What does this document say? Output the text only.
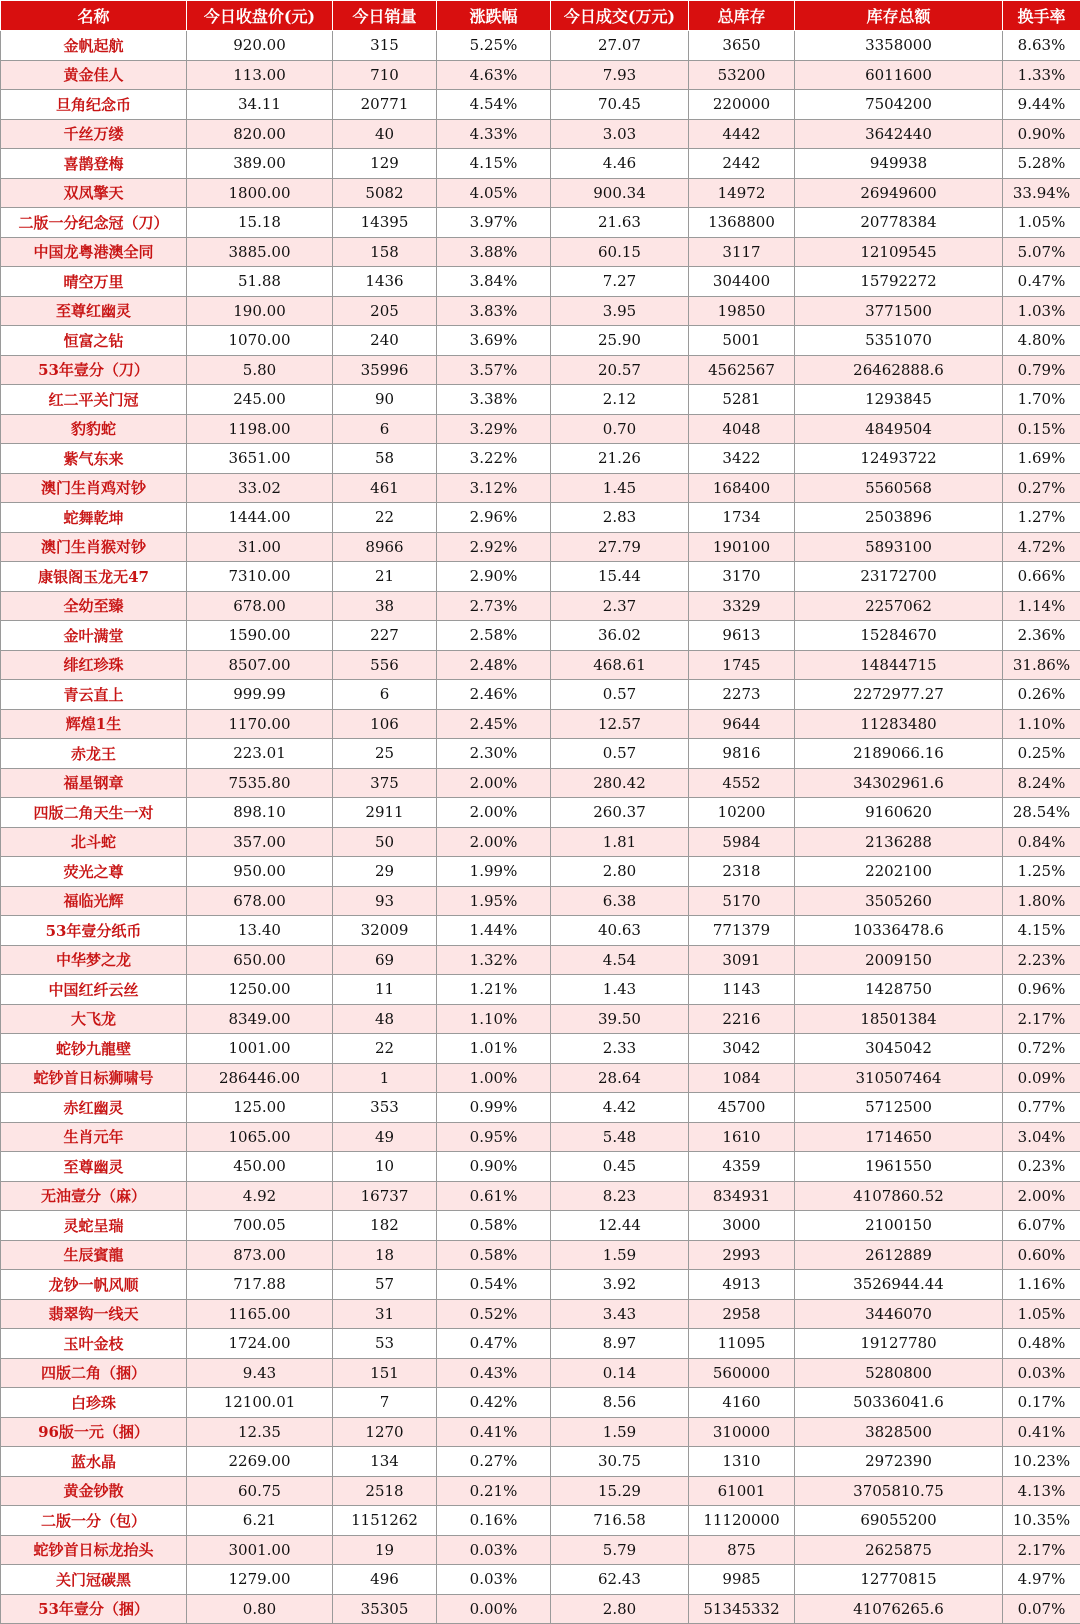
名称	今日收盘价(元)	今日销量	涨跌幅	今日成交(万元)	总库存	库存总额	换手率
金帆起航	920.00	315	5.25%	27.07	3650	3358000	8.63%
黄金佳人	113.00	710	4.63%	7.93	53200	6011600	1.33%
旦角纪念币	34.11	20771	4.54%	70.45	220000	7504200	9.44%
千丝万缕	820.00	40	4.33%	3.03	4442	3642440	0.90%
喜鹊登梅	389.00	129	4.15%	4.46	2442	949938	5.28%
双凤擎天	1800.00	5082	4.05%	900.34	14972	26949600	33.94%
二版一分纪念冠（刀）	15.18	14395	3.97%	21.63	1368800	20778384	1.05%
中国龙粤港澳全同	3885.00	158	3.88%	60.15	3117	12109545	5.07%
晴空万里	51.88	1436	3.84%	7.27	304400	15792272	0.47%
至尊红幽灵	190.00	205	3.83%	3.95	19850	3771500	1.03%
恒富之钻	1070.00	240	3.69%	25.90	5001	5351070	4.80%
53年壹分（刀）	5.80	35996	3.57%	20.57	4562567	26462888.6	0.79%
红二平关门冠	245.00	90	3.38%	2.12	5281	1293845	1.70%
豹豹蛇	1198.00	6	3.29%	0.70	4048	4849504	0.15%
紫气东来	3651.00	58	3.22%	21.26	3422	12493722	1.69%
澳门生肖鸡对钞	33.02	461	3.12%	1.45	168400	5560568	0.27%
蛇舞乾坤	1444.00	22	2.96%	2.83	1734	2503896	1.27%
澳门生肖猴对钞	31.00	8966	2.92%	27.79	190100	5893100	4.72%
康银阁玉龙无47	7310.00	21	2.90%	15.44	3170	23172700	0.66%
全幼至臻	678.00	38	2.73%	2.37	3329	2257062	1.14%
金叶满堂	1590.00	227	2.58%	36.02	9613	15284670	2.36%
绯红珍珠	8507.00	556	2.48%	468.61	1745	14844715	31.86%
青云直上	999.99	6	2.46%	0.57	2273	2272977.27	0.26%
辉煌1生	1170.00	106	2.45%	12.57	9644	11283480	1.10%
赤龙王	223.01	25	2.30%	0.57	9816	2189066.16	0.25%
福星钢章	7535.80	375	2.00%	280.42	4552	34302961.6	8.24%
四版二角天生一对	898.10	2911	2.00%	260.37	10200	9160620	28.54%
北斗蛇	357.00	50	2.00%	1.81	5984	2136288	0.84%
荧光之尊	950.00	29	1.99%	2.80	2318	2202100	1.25%
福临光辉	678.00	93	1.95%	6.38	5170	3505260	1.80%
53年壹分纸币	13.40	32009	1.44%	40.63	771379	10336478.6	4.15%
中华梦之龙	650.00	69	1.32%	4.54	3091	2009150	2.23%
中国红纤云丝	1250.00	11	1.21%	1.43	1143	1428750	0.96%
大飞龙	8349.00	48	1.10%	39.50	2216	18501384	2.17%
蛇钞九龍壁	1001.00	22	1.01%	2.33	3042	3045042	0.72%
蛇钞首日标狮啸号	286446.00	1	1.00%	28.64	1084	310507464	0.09%
赤红幽灵	125.00	353	0.99%	4.42	45700	5712500	0.77%
生肖元年	1065.00	49	0.95%	5.48	1610	1714650	3.04%
至尊幽灵	450.00	10	0.90%	0.45	4359	1961550	0.23%
无油壹分（麻）	4.92	16737	0.61%	8.23	834931	4107860.52	2.00%
灵蛇呈瑞	700.05	182	0.58%	12.44	3000	2100150	6.07%
生辰賓龍	873.00	18	0.58%	1.59	2993	2612889	0.60%
龙钞一帆风顺	717.88	57	0.54%	3.92	4913	3526944.44	1.16%
翡翠钩一线天	1165.00	31	0.52%	3.43	2958	3446070	1.05%
玉叶金枝	1724.00	53	0.47%	8.97	11095	19127780	0.48%
四版二角（捆）	9.43	151	0.43%	0.14	560000	5280800	0.03%
白珍珠	12100.01	7	0.42%	8.56	4160	50336041.6	0.17%
96版一元（捆）	12.35	1270	0.41%	1.59	310000	3828500	0.41%
蓝水晶	2269.00	134	0.27%	30.75	1310	2972390	10.23%
黄金钞散	60.75	2518	0.21%	15.29	61001	3705810.75	4.13%
二版一分（包）	6.21	1151262	0.16%	716.58	11120000	69055200	10.35%
蛇钞首日标龙抬头	3001.00	19	0.03%	5.79	875	2625875	2.17%
关门冠碳黑	1279.00	496	0.03%	62.43	9985	12770815	4.97%
53年壹分（捆）	0.80	35305	0.00%	2.80	51345332	41076265.6	0.07%
